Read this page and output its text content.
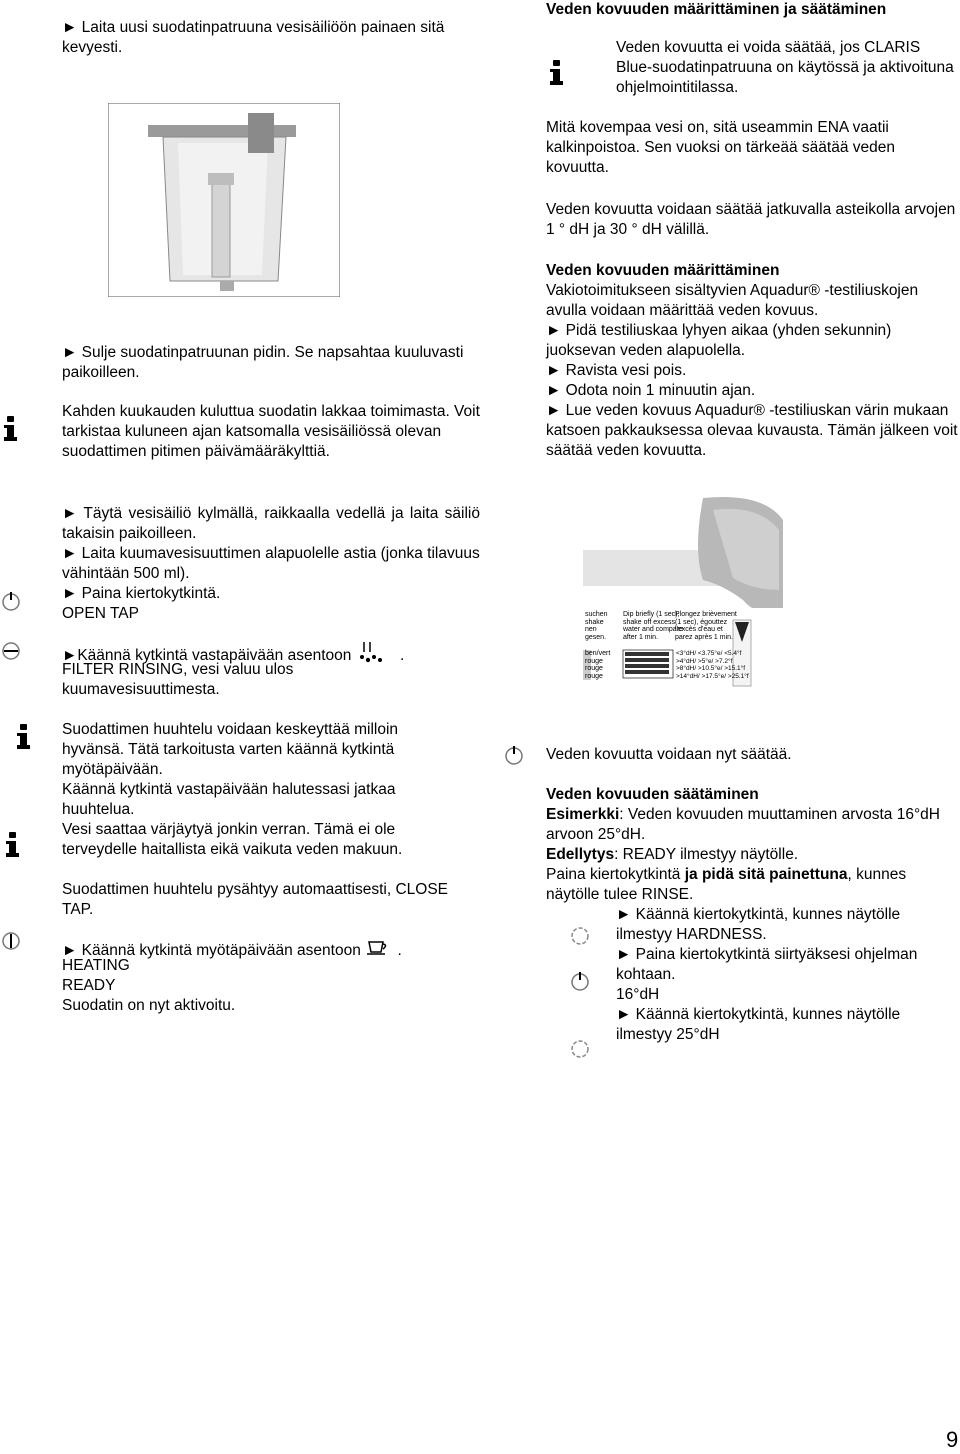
► Laita uusi suodatinpatruuna vesisäiliöön painaen sitä kevyesti.
► Sulje suodatinpatruunan pidin. Se napsahtaa kuuluvasti paikoilleen.
Kahden kuukauden kuluttua suodatin lakkaa toimimasta. Voit tarkistaa kuluneen ajan katsomalla vesisäiliössä olevan suodattimen pitimen päivämääräkylttiä.
► Täytä vesisäiliö kylmällä, raikkaalla vedellä ja laita säiliö takaisin paikoilleen.
► Laita kuumavesisuuttimen alapuolelle astia (jonka tilavuus vähintään 500 ml).
► Paina kiertokytkintä.
OPEN TAP
►Käännä kytkintä vastapäivään asentoon	.
FILTER RINSING, vesi valuu ulos kuumavesisuuttimesta.
Suodattimen huuhtelu voidaan keskeyttää milloin hyvänsä. Tätä tarkoitusta varten käännä kytkintä myötäpäivään.
Käännä kytkintä vastapäivään halutessasi jatkaa huuhtelua.
Vesi saattaa värjäytyä jonkin verran. Tämä ei ole terveydelle haitallista eikä vaikuta veden makuun.
Suodattimen huuhtelu pysähtyy automaattisesti, CLOSE TAP.
► Käännä kytkintä myötäpäivään asentoon .
HEATING
READY
Suodatin on nyt aktivoitu.
Veden kovuuden määrittäminen ja säätäminen
Veden kovuutta ei voida säätää, jos CLARIS Blue-suodatinpatruuna on käytössä ja aktivoituna ohjelmointitilassa.
Mitä kovempaa vesi on, sitä useammin ENA vaatii kalkinpoistoa. Sen vuoksi on tärkeää säätää veden kovuutta.
Veden kovuutta voidaan säätää jatkuvalla asteikolla arvojen 1 ° dH ja 30 ° dH välillä.
Veden kovuuden määrittäminen
Vakiotoimitukseen sisältyvien Aquadur® -testiliuskojen avulla voidaan määrittää veden kovuus.
► Pidä testiliuskaa lyhyen aikaa (yhden sekunnin) juoksevan veden alapuolella.
► Ravista vesi pois.
► Odota noin 1 minuutin ajan.
► Lue veden kovuus Aquadur® -testiliuskan värin mukaan katsoen pakkauksessa olevaa kuvausta. Tämän jälkeen voit säätää veden kovuutta.
suchen
shake
nen
gesen.
Dip briefly (1 sec),
shake off excess
water and compare
after 1 min.
Plongez brièvement
(1 sec), égouttez
l'excès d'eau et
parez après 1 min.
ben/vert
rouge
rouge
rouge
<3°dH/ <3.75°e/ <5.4°f
>4°dH/ >5°e/ >7.2°f
>8°dH/ >10.5°e/ >15.1°f
>14°dH/ >17.5°e/ >25.1°f
Veden kovuutta voidaan nyt säätää.
Veden kovuuden säätäminen
Esimerkki: Veden kovuuden muuttaminen arvosta 16°dH arvoon 25°dH.
Edellytys: READY ilmestyy näytölle.
Paina kiertokytkintä ja pidä sitä painettuna, kunnes näytölle tulee RINSE.
► Käännä kiertokytkintä, kunnes näytölle ilmestyy HARDNESS.
► Paina kiertokytkintä siirtyäksesi ohjelman kohtaan.
16°dH
► Käännä kiertokytkintä, kunnes näytölle ilmestyy 25°dH
9
